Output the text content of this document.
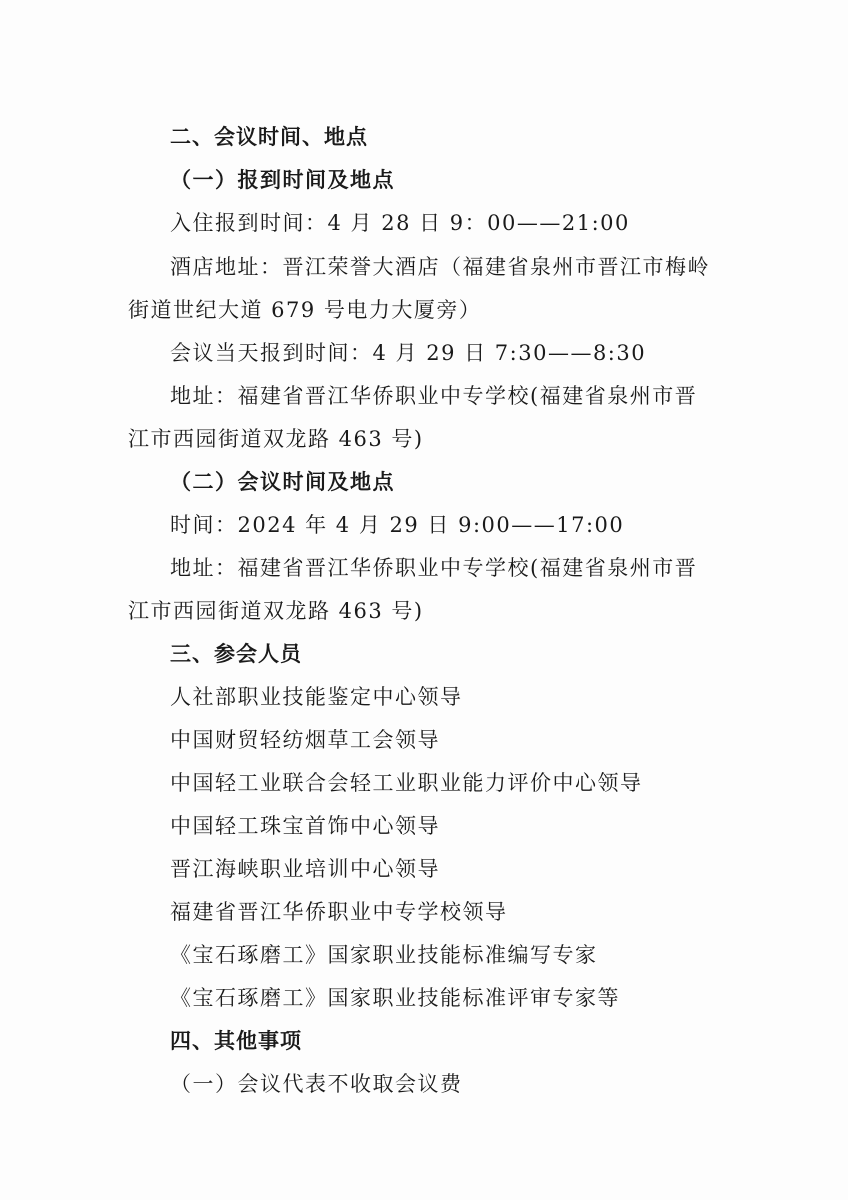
二、会议时间、地点
（一）报到时间及地点
入住报到时间：4 月 28 日 9：00——21:00
酒店地址：晋江荣誉大酒店（福建省泉州市晋江市梅岭
街道世纪大道 679 号电力大厦旁）
会议当天报到时间：4 月 29 日 7:30——8:30
地址：福建省晋江华侨职业中专学校(福建省泉州市晋
江市西园街道双龙路 463 号)
（二）会议时间及地点
时间：2024 年 4 月 29 日 9:00——17:00
地址：福建省晋江华侨职业中专学校(福建省泉州市晋
江市西园街道双龙路 463 号)
三、参会人员
人社部职业技能鉴定中心领导
中国财贸轻纺烟草工会领导
中国轻工业联合会轻工业职业能力评价中心领导
中国轻工珠宝首饰中心领导
晋江海峡职业培训中心领导
福建省晋江华侨职业中专学校领导
《宝石琢磨工》国家职业技能标准编写专家
《宝石琢磨工》国家职业技能标准评审专家等
四、其他事项
（一）会议代表不收取会议费
